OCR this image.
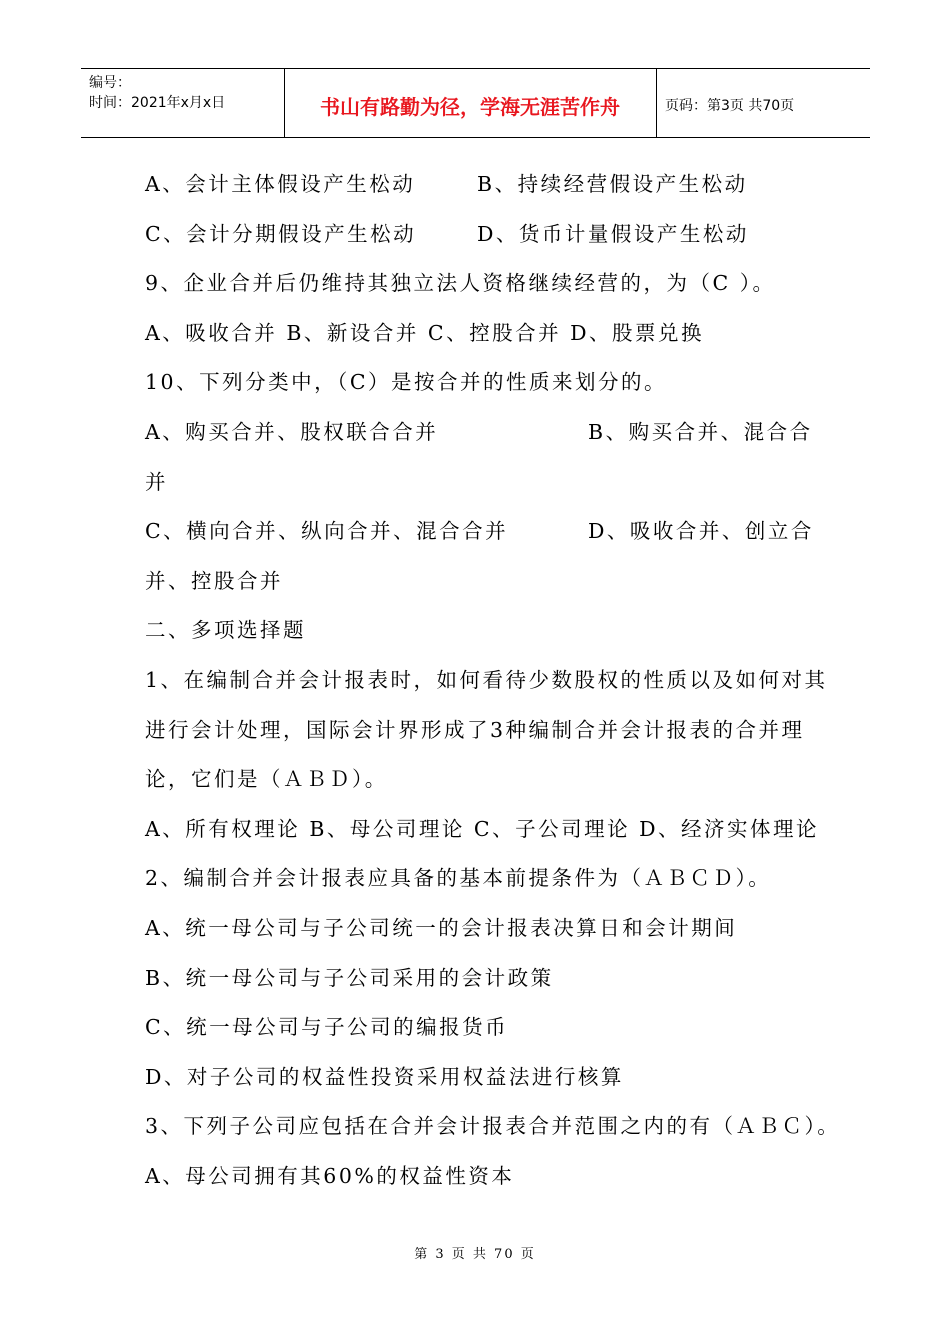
编号：
时间：2021年x月x日	书山有路勤为径，学海无涯苦作舟	页码：第3页 共70页
A、会计主体假设产生松动	B、持续经营假设产生松动
C、会计分期假设产生松动	D、货币计量假设产生松动
9、企业合并后仍维持其独立法人资格继续经营的，为（C ）。
A、吸收合并 B、新设合并 C、控股合并 D、股票兑换
10、下列分类中，（C）是按合并的性质来划分的。
A、购买合并、股权联合合并	B、购买合并、混合合
并
C、横向合并、纵向合并、混合合并	D、吸收合并、创立合
并、控股合并
二、多项选择题
1、在编制合并会计报表时，如何看待少数股权的性质以及如何对其
进行会计处理，国际会计界形成了3种编制合并会计报表的合并理
论，它们是（ＡＢＤ）。
A、所有权理论 B、母公司理论 C、子公司理论 D、经济实体理论
2、编制合并会计报表应具备的基本前提条件为（ＡＢＣＤ）。
A、统一母公司与子公司统一的会计报表决算日和会计期间
B、统一母公司与子公司采用的会计政策
C、统一母公司与子公司的编报货币
D、对子公司的权益性投资采用权益法进行核算
3、下列子公司应包括在合并会计报表合并范围之内的有（ＡＢＣ）。
A、母公司拥有其60%的权益性资本
第 3 页 共 70 页
